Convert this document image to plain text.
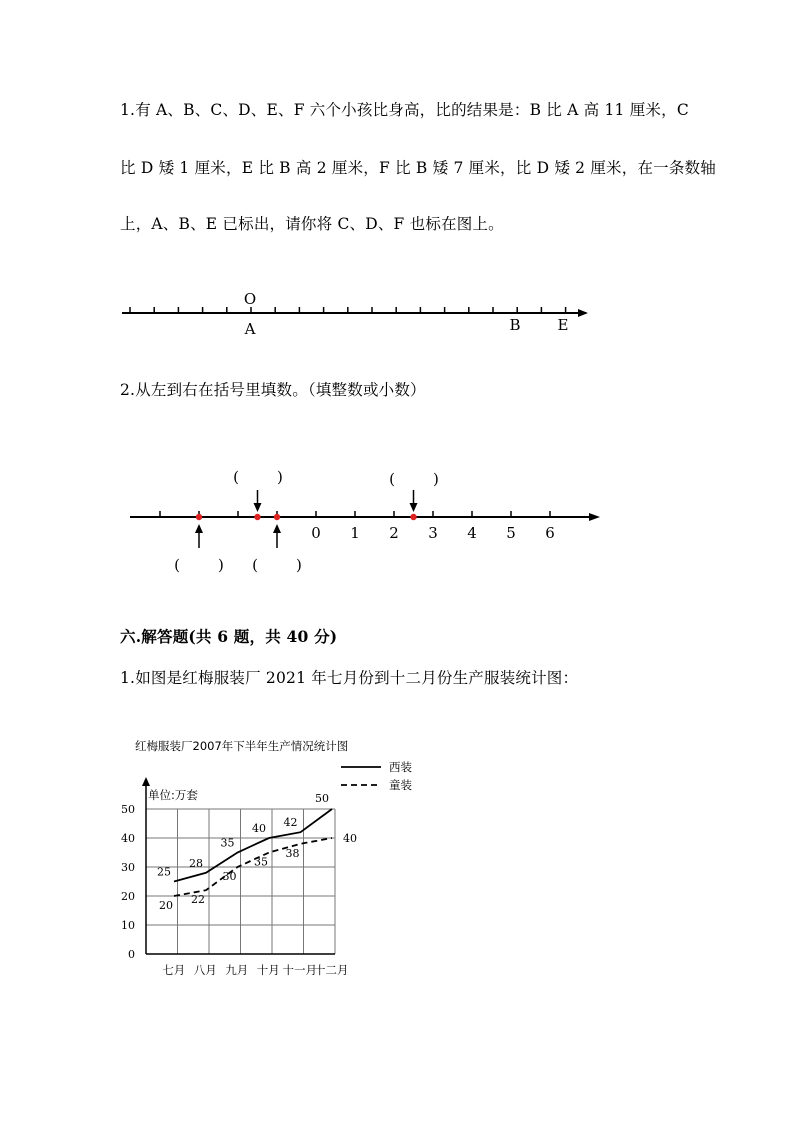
1.有 A、B、C、D、E、F 六个小孩比身高，比的结果是：B 比 A 高 11 厘米，C
比 D 矮 1 厘米，E 比 B 高 2 厘米，F 比 B 矮 7 厘米，比 D 矮 2 厘米，在一条数轴
上，A、B、E 已标出，请你将 C、D、F 也标在图上。
O
A	B E
2.从左到右在括号里填数。（填整数或小数）
0 1 2 3 4 5 6
(        )	(        )
(        ) (        )
六.解答题(共 6 题，共 40 分)
1.如图是红梅服装厂 2021 年七月份到十二月份生产服装统计图：
红梅服装厂2007年下半年生产情况统计图
单位:万套
0
10
20
30
40
50
七月 八月 九月 十月 十一月
十二月
25
28
35
40 42
50
20 22
30
35
38
40
西装
童装
